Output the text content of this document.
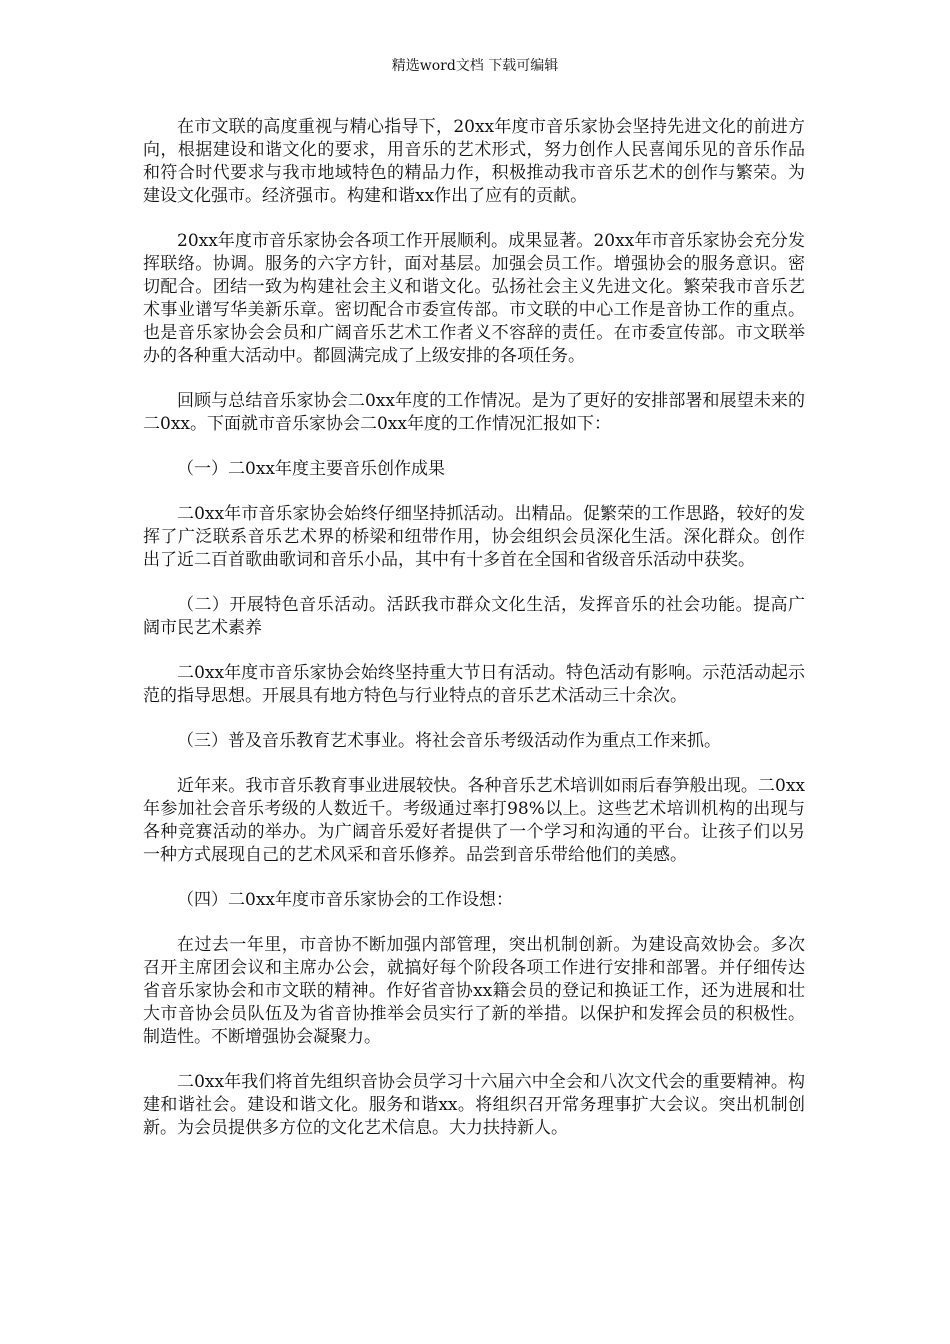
精选word文档 下载可编辑

在市文联的高度重视与精心指导下，20xx年度市音乐家协会坚持先进文化的前进方向，根据建设和谐文化的要求，用音乐的艺术形式，努力创作人民喜闻乐见的音乐作品和符合时代要求与我市地域特色的精品力作，积极推动我市音乐艺术的创作与繁荣。为建设文化强市。经济强市。构建和谐xx作出了应有的贡献。

20xx年度市音乐家协会各项工作开展顺利。成果显著。20xx年市音乐家协会充分发挥联络。协调。服务的六字方针，面对基层。加强会员工作。增强协会的服务意识。密切配合。团结一致为构建社会主义和谐文化。弘扬社会主义先进文化。繁荣我市音乐艺术事业谱写华美新乐章。密切配合市委宣传部。市文联的中心工作是音协工作的重点。也是音乐家协会会员和广阔音乐艺术工作者义不容辞的责任。在市委宣传部。市文联举办的各种重大活动中。都圆满完成了上级安排的各项任务。

回顾与总结音乐家协会二0xx年度的工作情况。是为了更好的安排部署和展望未来的二0xx。下面就市音乐家协会二0xx年度的工作情况汇报如下：

（一）二0xx年度主要音乐创作成果

二0xx年市音乐家协会始终仔细坚持抓活动。出精品。促繁荣的工作思路，较好的发挥了广泛联系音乐艺术界的桥梁和纽带作用，协会组织会员深化生活。深化群众。创作出了近二百首歌曲歌词和音乐小品，其中有十多首在全国和省级音乐活动中获奖。

（二）开展特色音乐活动。活跃我市群众文化生活，发挥音乐的社会功能。提高广阔市民艺术素养

二0xx年度市音乐家协会始终坚持重大节日有活动。特色活动有影响。示范活动起示范的指导思想。开展具有地方特色与行业特点的音乐艺术活动三十余次。

（三）普及音乐教育艺术事业。将社会音乐考级活动作为重点工作来抓。

近年来。我市音乐教育事业进展较快。各种音乐艺术培训如雨后春笋般出现。二0xx年参加社会音乐考级的人数近千。考级通过率打98%以上。这些艺术培训机构的出现与各种竞赛活动的举办。为广阔音乐爱好者提供了一个学习和沟通的平台。让孩子们以另一种方式展现自己的艺术风采和音乐修养。品尝到音乐带给他们的美感。

（四）二0xx年度市音乐家协会的工作设想：

在过去一年里，市音协不断加强内部管理，突出机制创新。为建设高效协会。多次召开主席团会议和主席办公会，就搞好每个阶段各项工作进行安排和部署。并仔细传达省音乐家协会和市文联的精神。作好省音协xx籍会员的登记和换证工作，还为进展和壮大市音协会员队伍及为省音协推举会员实行了新的举措。以保护和发挥会员的积极性。制造性。不断增强协会凝聚力。

二0xx年我们将首先组织音协会员学习十六届六中全会和八次文代会的重要精神。构建和谐社会。建设和谐文化。服务和谐xx。将组织召开常务理事扩大会议。突出机制创新。为会员提供多方位的文化艺术信息。大力扶持新人。
